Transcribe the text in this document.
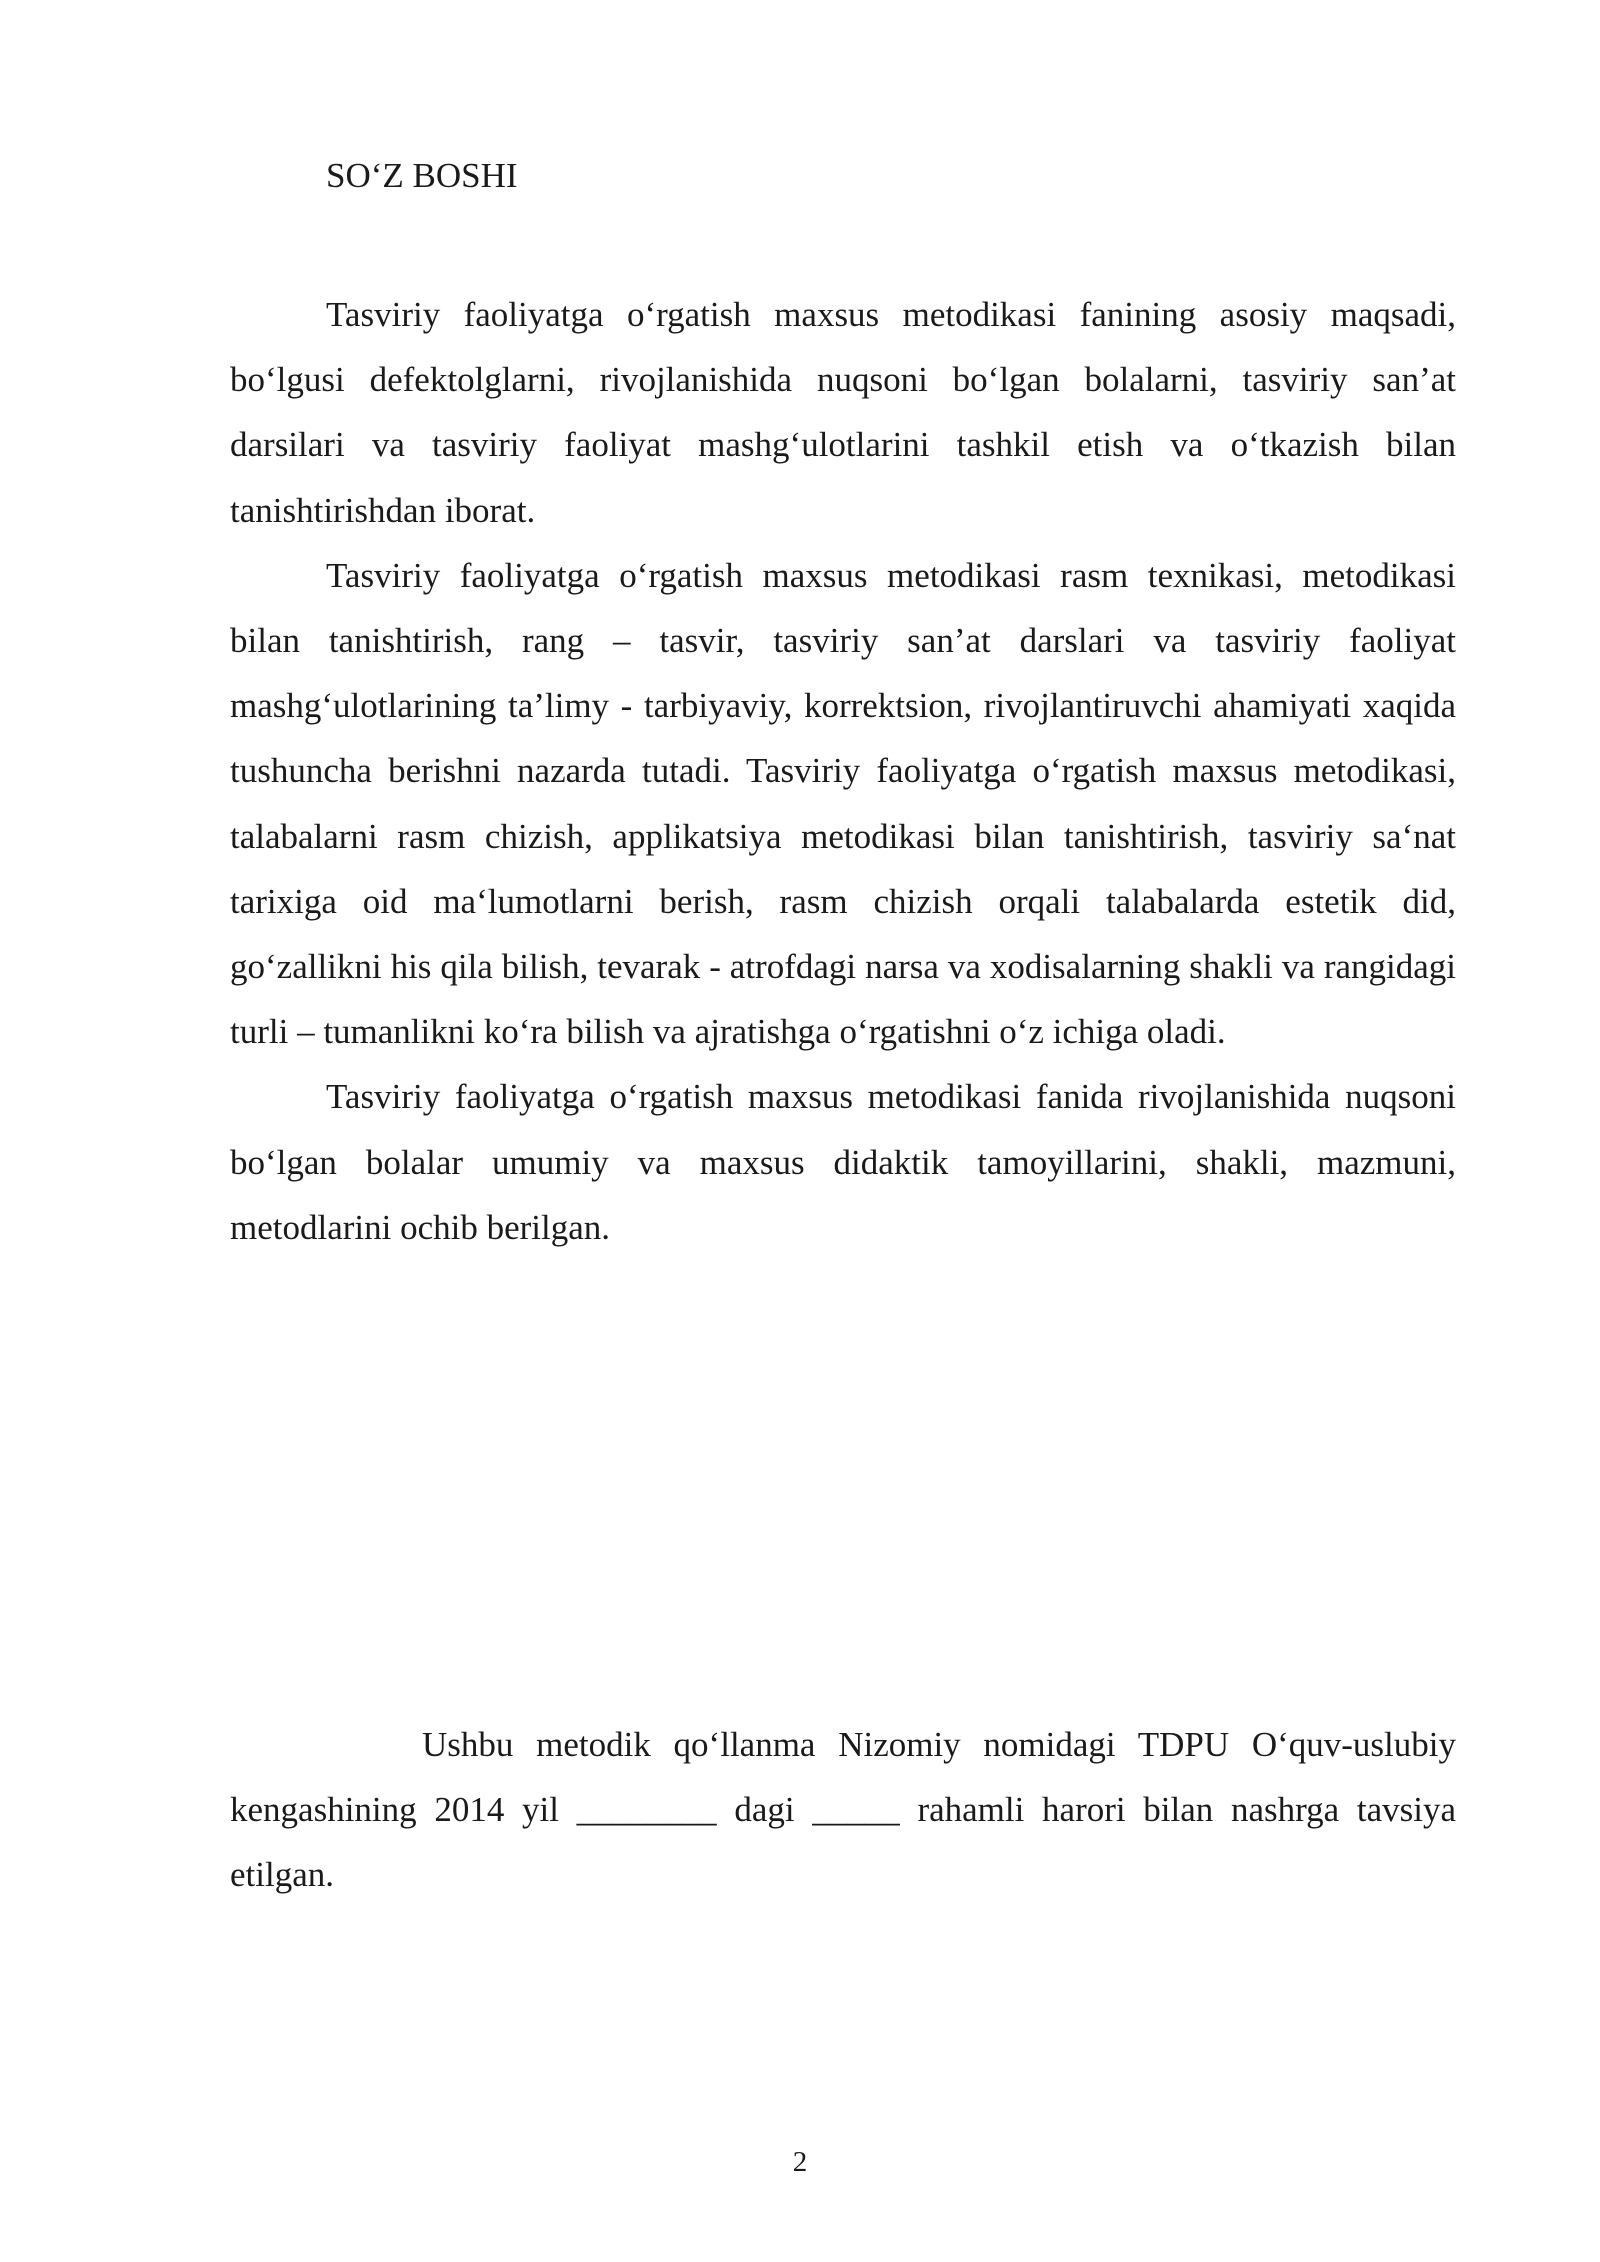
SO‘Z BOSHI

Tasviriy faoliyatga o‘rgatish maxsus metodikasi fanining asosiy maqsadi, bo‘lgusi defektolglarni, rivojlanishida nuqsoni bo‘lgan bolalarni, tasviriy san’at darsilari va tasviriy faoliyat mashg‘ulotlarini tashkil etish va o‘tkazish bilan tanishtirishdan iborat.

Tasviriy faoliyatga o‘rgatish maxsus metodikasi rasm texnikasi, metodikasi bilan tanishtirish, rang – tasvir, tasviriy san’at darslari va tasviriy faoliyat mashg‘ulotlarining ta’limy - tarbiyaviy, korrektsion, rivojlantiruvchi ahamiyati xaqida tushuncha berishni nazarda tutadi. Tasviriy faoliyatga o‘rgatish maxsus metodikasi, talabalarni rasm chizish, applikatsiya metodikasi bilan tanishtirish, tasviriy sa‘nat tarixiga oid ma‘lumotlarni berish, rasm chizish orqali talabalarda estetik did, go‘zallikni his qila bilish, tevarak - atrofdagi narsa va xodisalarning shakli va rangidagi turli – tumanlikni ko‘ra bilish va ajratishga o‘rgatishni o‘z ichiga oladi.

Tasviriy faoliyatga o‘rgatish maxsus metodikasi fanida rivojlanishida nuqsoni bo‘lgan bolalar umumiy va maxsus didaktik tamoyillarini, shakli, mazmuni, metodlarini ochib berilgan.

Ushbu metodik qo‘llanma Nizomiy nomidagi TDPU O‘quv-uslubiy kengashining 2014 yil ________ dagi _____ rahamli harori bilan nashrga tavsiya etilgan.

2
